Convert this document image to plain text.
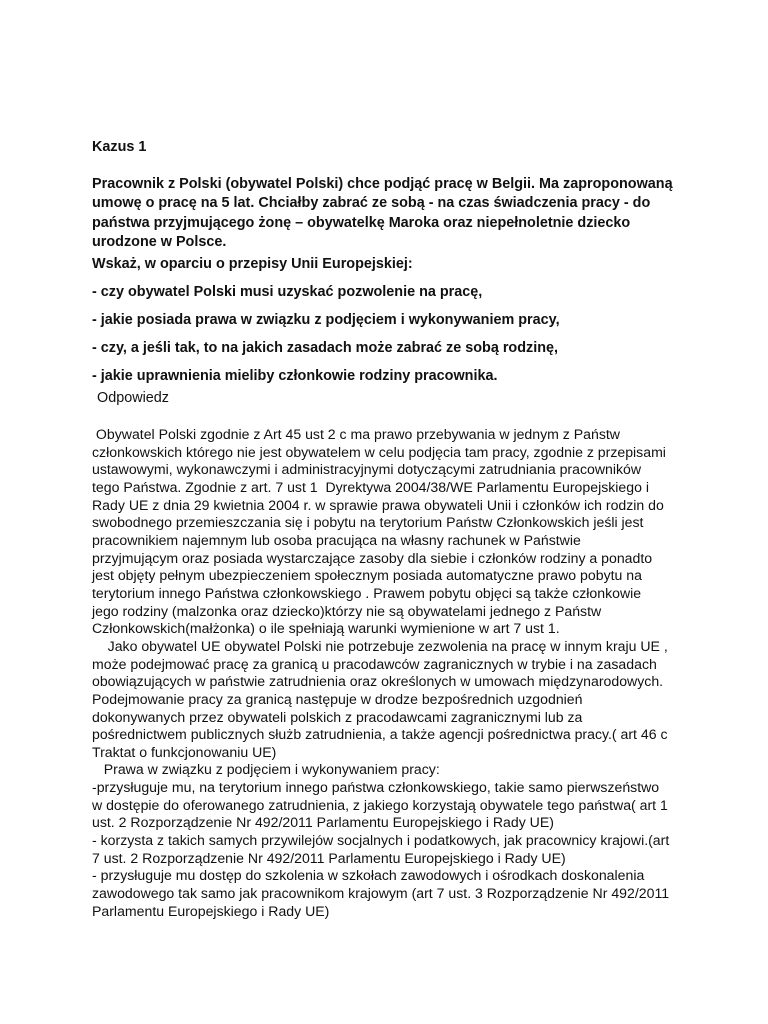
Kazus 1
Pracownik z Polski (obywatel Polski) chce podjąć pracę w Belgii. Ma zaproponowaną
umowę o pracę na 5 lat. Chciałby zabrać ze sobą - na czas świadczenia pracy - do
państwa przyjmującego żonę – obywatelkę Maroka oraz niepełnoletnie dziecko
urodzone w Polsce.
Wskaż, w oparciu o przepisy Unii Europejskiej:
- czy obywatel Polski musi uzyskać pozwolenie na pracę,
- jakie posiada prawa w związku z podjęciem i wykonywaniem pracy,
- czy, a jeśli tak, to na jakich zasadach może zabrać ze sobą rodzinę,
- jakie uprawnienia mieliby członkowie rodziny pracownika.
Odpowiedz
Obywatel Polski zgodnie z Art 45 ust 2 c ma prawo przebywania w jednym z Państw
członkowskich którego nie jest obywatelem w celu podjęcia tam pracy, zgodnie z przepisami
ustawowymi, wykonawczymi i administracyjnymi dotyczącymi zatrudniania pracowników
tego Państwa. Zgodnie z art. 7 ust 1  Dyrektywa 2004/38/WE Parlamentu Europejskiego i
Rady UE z dnia 29 kwietnia 2004 r. w sprawie prawa obywateli Unii i członków ich rodzin do
swobodnego przemieszczania się i pobytu na terytorium Państw Członkowskich jeśli jest
pracownikiem najemnym lub osoba pracująca na własny rachunek w Państwie
przyjmującym oraz posiada wystarczające zasoby dla siebie i członków rodziny a ponadto
jest objęty pełnym ubezpieczeniem społecznym posiada automatyczne prawo pobytu na
terytorium innego Państwa członkowskiego . Prawem pobytu objęci są także członkowie
jego rodziny (malzonka oraz dziecko)którzy nie są obywatelami jednego z Państw
Członkowskich(małżonka) o ile spełniają warunki wymienione w art 7 ust 1.
Jako obywatel UE obywatel Polski nie potrzebuje zezwolenia na pracę w innym kraju UE ,
może podejmować pracę za granicą u pracodawców zagranicznych w trybie i na zasadach
obowiązujących w państwie zatrudnienia oraz określonych w umowach międzynarodowych.
Podejmowanie pracy za granicą następuje w drodze bezpośrednich uzgodnień
dokonywanych przez obywateli polskich z pracodawcami zagranicznymi lub za
pośrednictwem publicznych służb zatrudnienia, a także agencji pośrednictwa pracy.( art 46 c
Traktat o funkcjonowaniu UE)
Prawa w związku z podjęciem i wykonywaniem pracy:
-przysługuje mu, na terytorium innego państwa członkowskiego, takie samo pierwszeństwo
w dostępie do oferowanego zatrudnienia, z jakiego korzystają obywatele tego państwa( art 1
ust. 2 Rozporządzenie Nr 492/2011 Parlamentu Europejskiego i Rady UE)
- korzysta z takich samych przywilejów socjalnych i podatkowych, jak pracownicy krajowi.(art
7 ust. 2 Rozporządzenie Nr 492/2011 Parlamentu Europejskiego i Rady UE)
- przysługuje mu dostęp do szkolenia w szkołach zawodowych i ośrodkach doskonalenia
zawodowego tak samo jak pracownikom krajowym (art 7 ust. 3 Rozporządzenie Nr 492/2011
Parlamentu Europejskiego i Rady UE)
